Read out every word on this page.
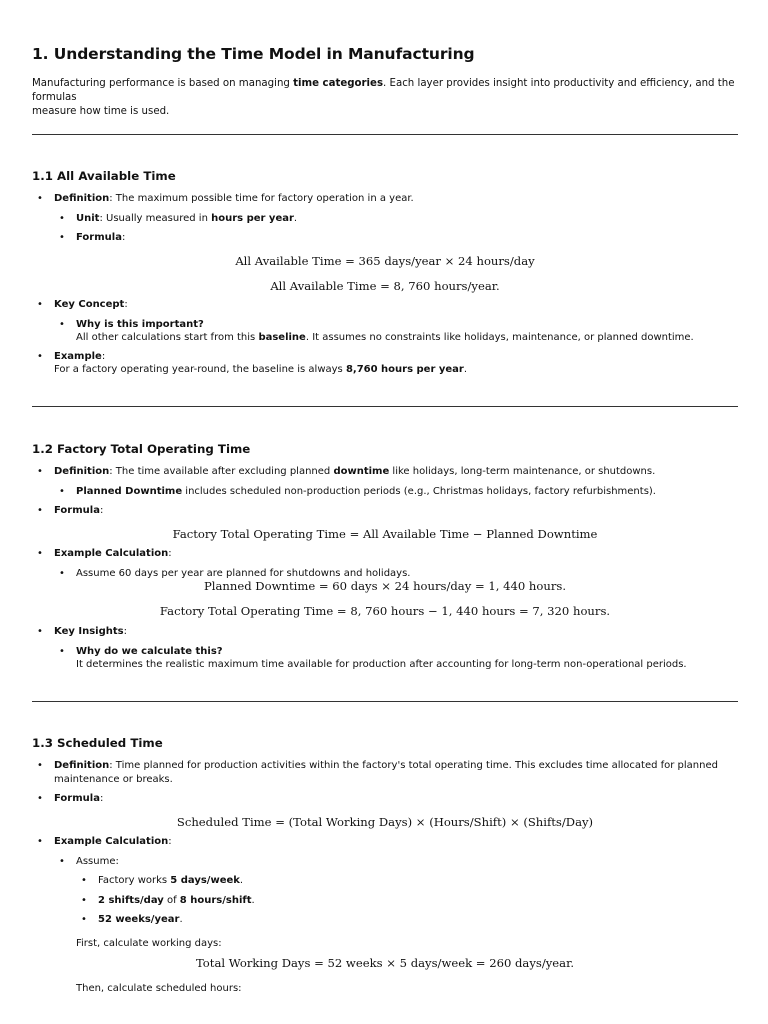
1. Understanding the Time Model in Manufacturing

Manufacturing performance is based on managing time categories. Each layer provides insight into productivity and efficiency, and the formulas
measure how time is used.

1.1 All Available Time
• Definition: The maximum possible time for factory operation in a year.
• Unit: Usually measured in hours per year.
• Formula:
All Available Time = 365 days/year × 24 hours/day
All Available Time = 8, 760 hours/year.
• Key Concept:
• Why is this important?
All other calculations start from this baseline. It assumes no constraints like holidays, maintenance, or planned downtime.
• Example:
For a factory operating year-round, the baseline is always 8,760 hours per year.
1.2 Factory Total Operating Time
• Definition: The time available after excluding planned downtime like holidays, long-term maintenance, or shutdowns.
• Planned Downtime includes scheduled non-production periods (e.g., Christmas holidays, factory refurbishments).
• Formula:
Factory Total Operating Time = All Available Time − Planned Downtime
• Example Calculation:
• Assume 60 days per year are planned for shutdowns and holidays.
Planned Downtime = 60 days × 24 hours/day = 1, 440 hours.
Factory Total Operating Time = 8, 760 hours − 1, 440 hours = 7, 320 hours.
• Key Insights:
• Why do we calculate this?
It determines the realistic maximum time available for production after accounting for long-term non-operational periods.
1.3 Scheduled Time
• Definition: Time planned for production activities within the factory's total operating time. This excludes time allocated for planned
maintenance or breaks.
• Formula:
Scheduled Time = (Total Working Days) × (Hours/Shift) × (Shifts/Day)
• Example Calculation:
• Assume:
• Factory works 5 days/week.
• 2 shifts/day of 8 hours/shift.
• 52 weeks/year.
First, calculate working days:
Total Working Days = 52 weeks × 5 days/week = 260 days/year.
Then, calculate scheduled hours:
